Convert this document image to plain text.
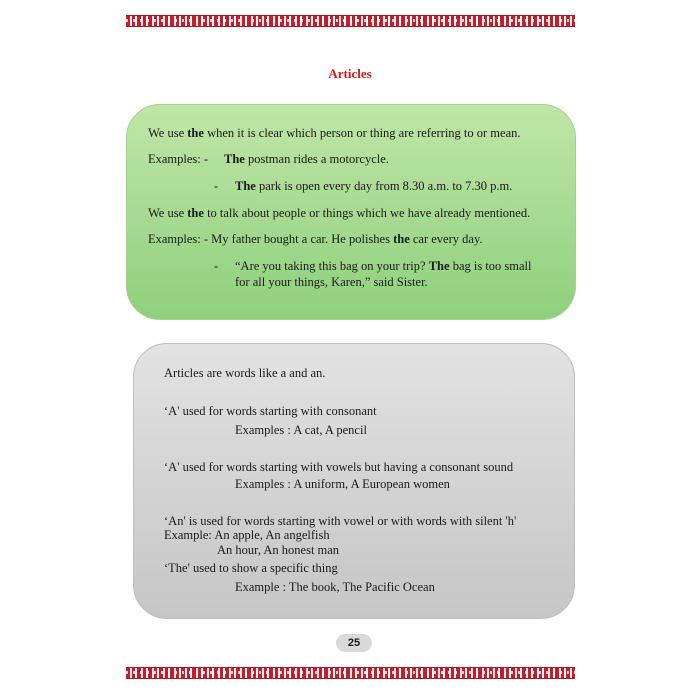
Articles
We use the when it is clear which person or thing are referring to or mean.
Examples: - The postman rides a motorcycle.
- The park is open every day from 8.30 a.m. to 7.30 p.m.
We use the to talk about people or things which we have already mentioned.
Examples: - My father bought a car. He polishes the car every day.
- “Are you taking this bag on your trip? The bag is too small
for all your things, Karen,” said Sister.
Articles are words like a and an.
‘A' used for words starting with consonant
Examples : A cat, A pencil
‘A' used for words starting with vowels but having a consonant sound
Examples : A uniform, A European women
‘An' is used for words starting with vowel or with words with silent 'h'
Example: An apple, An angelfish
An hour, An honest man
‘The' used to show a specific thing
Example : The book, The Pacific Ocean
25
